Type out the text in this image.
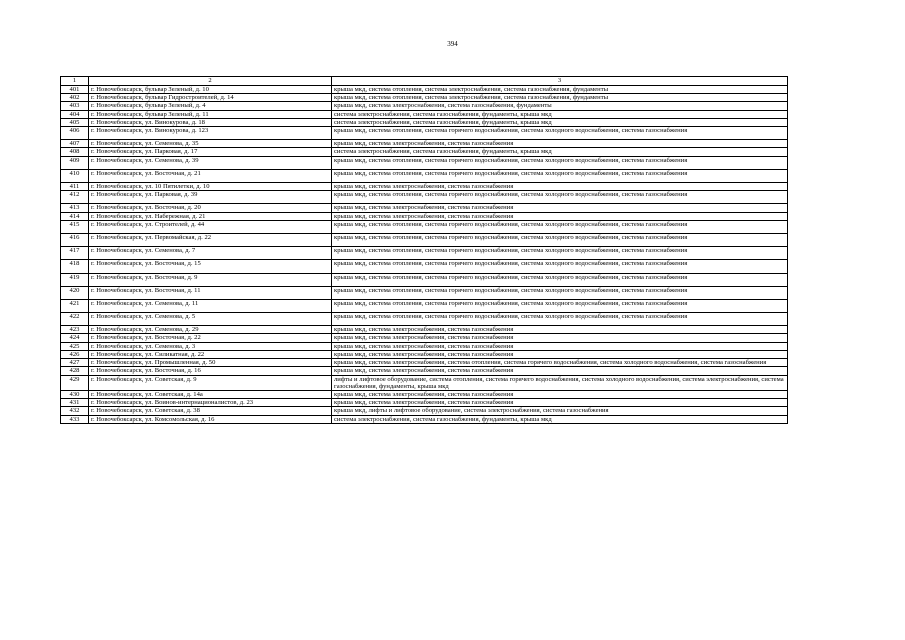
394
1	2	3
401	г. Новочебоксарск, бульвар Зеленый, д. 10	крыша мкд, система отопления, система электроснабжения, система газоснабжения, фундаменты
402	г. Новочебоксарск, бульвар Гидростроителей, д. 14	крыша мкд, система отопления, система электроснабжения, система газоснабжения, фундаменты
403	г. Новочебоксарск, бульвар Зеленый, д. 4	крыша мкд, система электроснабжения, система газоснабжения, фундаменты
404	г. Новочебоксарск, бульвар Зеленый, д. 11	система электроснабжения, система газоснабжения, фундаменты, крыша мкд
405	г. Новочебоксарск, ул. Винокурова, д. 18	система электроснабжения, система газоснабжения, фундаменты, крыша мкд
406	г. Новочебоксарск, ул. Винокурова, д. 123	крыша мкд, система отопления, система горячего водоснабжения, система холодного водоснабжения, система газоснабжения
407	г. Новочебоксарск, ул. Семенова, д. 35	крыша мкд, система электроснабжения, система газоснабжения
408	г. Новочебоксарск, ул. Парковая, д. 17	система электроснабжения, система газоснабжения, фундаменты, крыша мкд
409	г. Новочебоксарск, ул. Семенова, д. 39	крыша мкд, система отопления, система горячего водоснабжения, система холодного водоснабжения, система газоснабжения
410	г. Новочебоксарск, ул. Восточная, д. 21	крыша мкд, система отопления, система горячего водоснабжения, система холодного водоснабжения, система газоснабжения
411	г. Новочебоксарск, ул. 10 Пятилетки, д. 10	крыша мкд, система электроснабжения, система газоснабжения
412	г. Новочебоксарск, ул. Парковая, д. 39	крыша мкд, система отопления, система горячего водоснабжения, система холодного водоснабжения, система газоснабжения
413	г. Новочебоксарск, ул. Восточная, д. 20	крыша мкд, система электроснабжения, система газоснабжения
414	г. Новочебоксарск, ул. Набережная, д. 21	крыша мкд, система электроснабжения, система газоснабжения
415	г. Новочебоксарск, ул. Строителей, д. 44	крыша мкд, система отопления, система горячего водоснабжения, система холодного водоснабжения, система газоснабжения
416	г. Новочебоксарск, ул. Первомайская, д. 22	крыша мкд, система отопления, система горячего водоснабжения, система холодного водоснабжения, система газоснабжения
417	г. Новочебоксарск, ул. Семенова, д. 7	крыша мкд, система отопления, система горячего водоснабжения, система холодного водоснабжения, система газоснабжения
418	г. Новочебоксарск, ул. Восточная, д. 15	крыша мкд, система отопления, система горячего водоснабжения, система холодного водоснабжения, система газоснабжения
419	г. Новочебоксарск, ул. Восточная, д. 9	крыша мкд, система отопления, система горячего водоснабжения, система холодного водоснабжения, система газоснабжения
420	г. Новочебоксарск, ул. Восточная, д. 11	крыша мкд, система отопления, система горячего водоснабжения, система холодного водоснабжения, система газоснабжения
421	г. Новочебоксарск, ул. Семенова, д. 11	крыша мкд, система отопления, система горячего водоснабжения, система холодного водоснабжения, система газоснабжения
422	г. Новочебоксарск, ул. Семенова, д. 5	крыша мкд, система отопления, система горячего водоснабжения, система холодного водоснабжения, система газоснабжения
423	г. Новочебоксарск, ул. Семенова, д. 29	крыша мкд, система электроснабжения, система газоснабжения
424	г. Новочебоксарск, ул. Восточная, д. 22	крыша мкд, система электроснабжения, система газоснабжения
425	г. Новочебоксарск, ул. Семенова, д. 3	крыша мкд, система электроснабжения, система газоснабжения
426	г. Новочебоксарск, ул. Силикатная, д. 22	крыша мкд, система электроснабжения, система газоснабжения
427	г. Новочебоксарск, ул. Промышленная, д. 50	крыша мкд, система электроснабжения, система отопления, система горячего водоснабжения, система холодного водоснабжения, система газоснабжения
428	г. Новочебоксарск, ул. Восточная, д. 16	крыша мкд, система электроснабжения, система газоснабжения
429	г. Новочебоксарск, ул. Советская, д. 9	лифты и лифтовое оборудование, система отопления, система горячего водоснабжения, система холодного водоснабжения, система электроснабжения, система газоснабжения, фундаменты, крыша мкд
430	г. Новочебоксарск, ул. Советская, д. 14а	крыша мкд, система электроснабжения, система газоснабжения
431	г. Новочебоксарск, ул. Воинов-интернационалистов, д. 23	крыша мкд, система электроснабжения, система газоснабжения
432	г. Новочебоксарск, ул. Советская, д. 38	крыша мкд, лифты и лифтовое оборудование, система электроснабжения, система газоснабжения
433	г. Новочебоксарск, ул. Комсомольская, д. 16	система электроснабжения, система газоснабжения, фундаменты, крыша мкд
